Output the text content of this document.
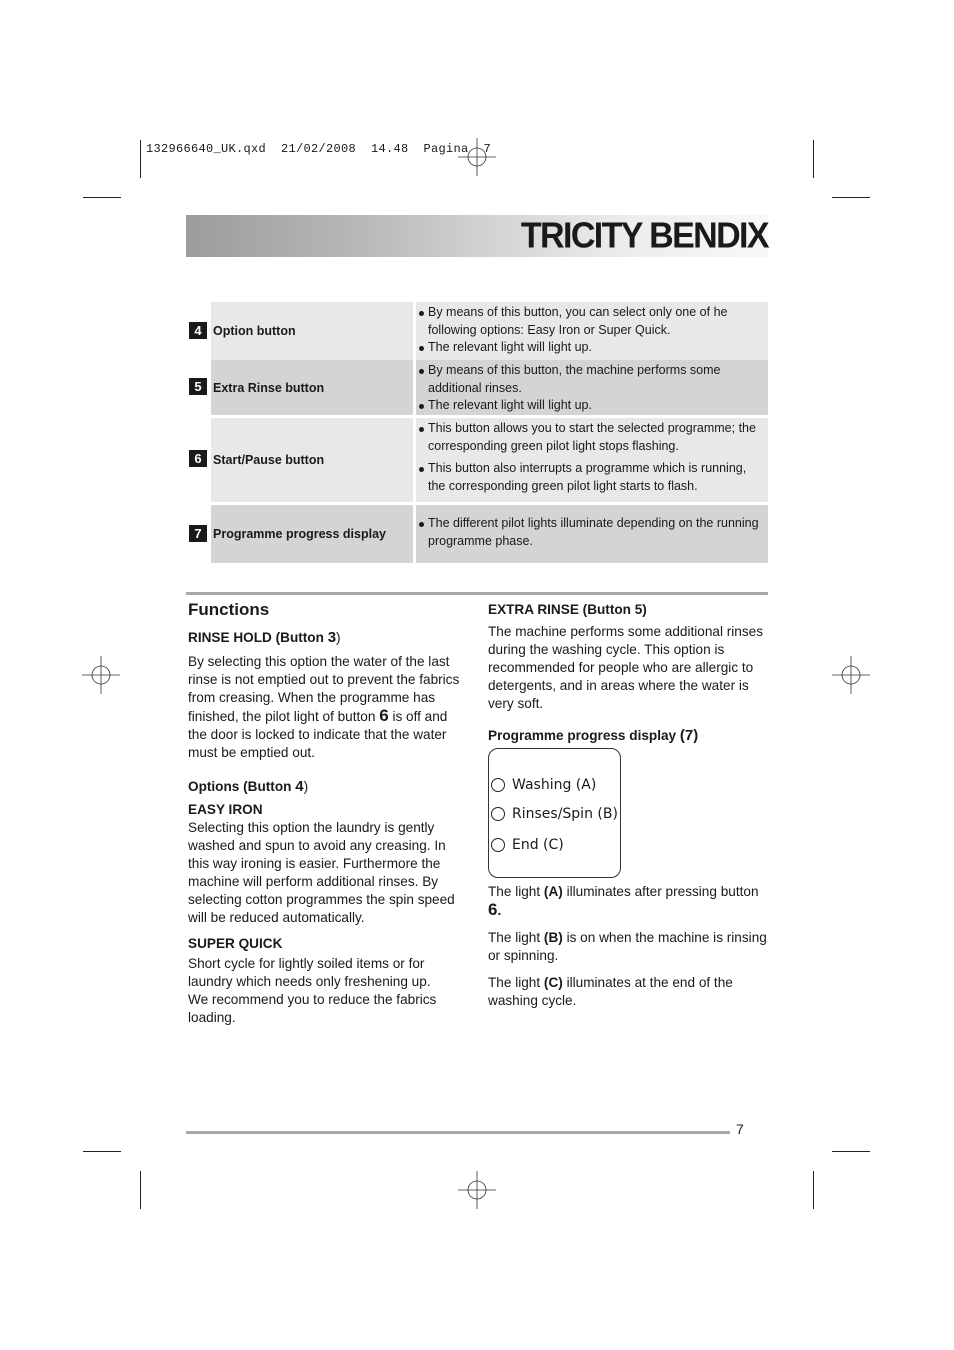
132966640_UK.qxd  21/02/2008  14.48  Pagina  7
TRICITY BENDIX
4 Option button
By means of this button, you can select only one of he following options: Easy Iron or Super Quick.
The relevant light will light up.
5 Extra Rinse button
By means of this button, the machine performs some additional rinses.
The relevant light will light up.
6 Start/Pause button
This button allows you to start the selected programme; the corresponding green pilot light stops flashing.
This button also interrupts a programme which is running, the corresponding green pilot light starts to flash.
7 Programme progress display
The different pilot lights illuminate depending on the running programme phase.

Functions

RINSE HOLD (Button 3)

By selecting this option the water of the last rinse is not emptied out to prevent the fabrics from creasing. When the programme has finished, the pilot light of button 6 is off and the door is locked to indicate that the water must be emptied out.

Options (Button 4)

EASY IRON

Selecting this option the laundry is gently washed and spun to avoid any creasing. In this way ironing is easier. Furthermore the machine will perform additional rinses. By selecting cotton programmes the spin speed will be reduced automatically.

SUPER QUICK

Short cycle for lightly soiled items or for laundry which needs only freshening up.

We recommend you to reduce the fabrics loading.

EXTRA RINSE (Button 5)

The machine performs some additional rinses during the washing cycle. This option is recommended for people who are allergic to detergents, and in areas where the water is very soft.

Programme progress display (7)

Washing (A)
Rinses/Spin (B)
End (C)

The light (A) illuminates after pressing button 6.

The light (B) is on when the machine is rinsing or spinning.

The light (C) illuminates at the end of the washing cycle.

7
